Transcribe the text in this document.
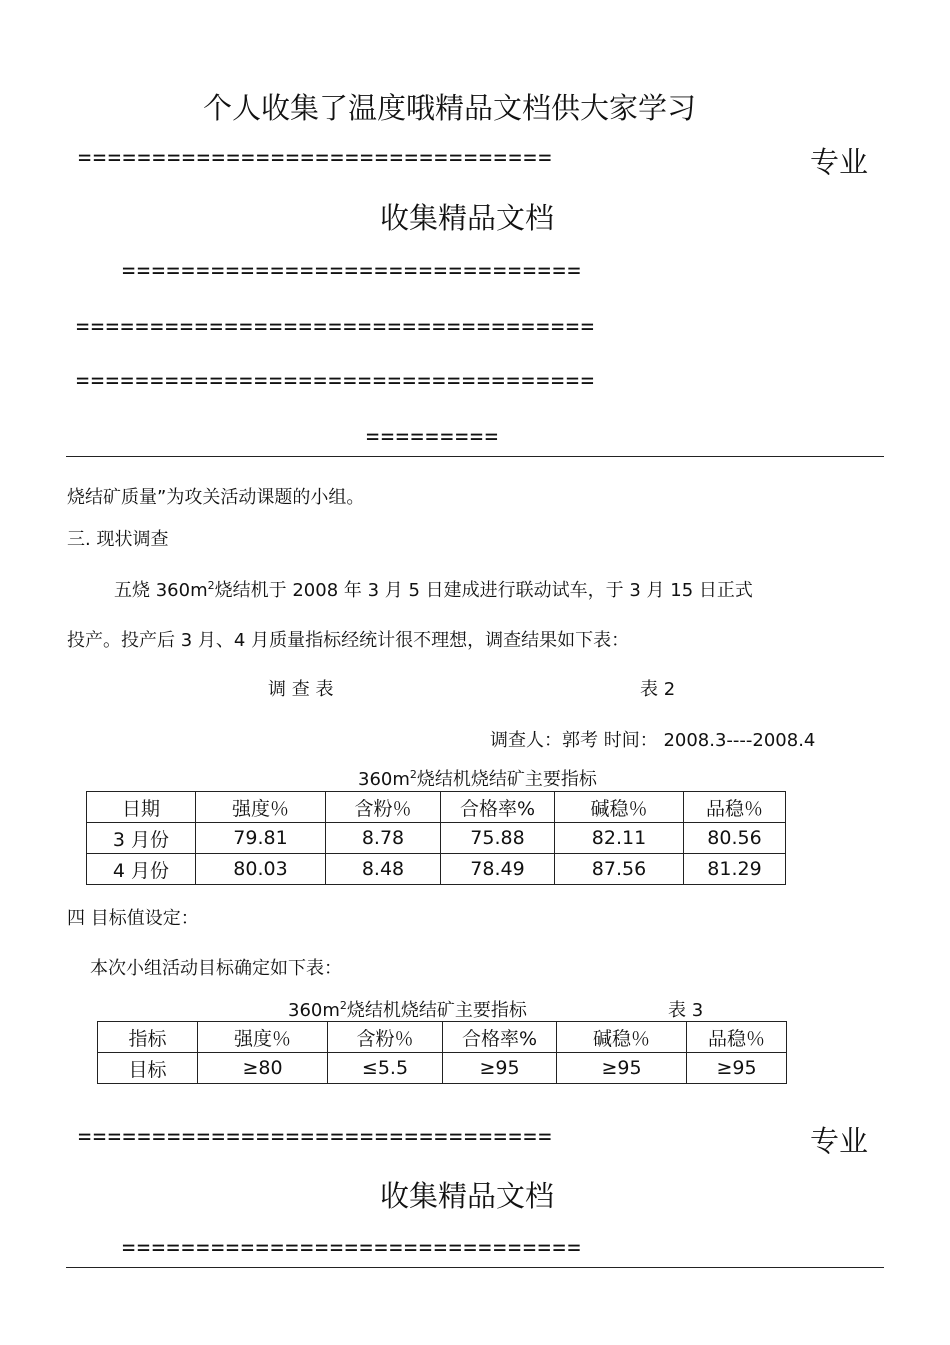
个人收集了温度哦精品文档供大家学习
================================	专业
收集精品文档
===============================
===================================
===================================
=========
烧结矿质量”为攻关活动课题的小组。
三. 现状调查
五烧 $360m^2$烧结机于 2008 年 3 月 5 日建成进行联动试车，于 3 月 15 日正式
投产。投产后 3 月、4 月质量指标经统计很不理想，调查结果如下表：
调 查 表	表 2
调查人：郭考 时间： 2008.3----2008.4
$360m^2$烧结机烧结矿主要指标
日期	强度％	含粉％	合格率%	碱稳％	品稳％
3 月份	79.81	8.78	75.88	82.11	80.56
4 月份	80.03	8.48	78.49	87.56	81.29
四 目标值设定：
本次小组活动目标确定如下表：
$360m^2$烧结机烧结矿主要指标	表 3
指标	强度％	含粉％	合格率%	碱稳％	品稳％
目标	≥80	≤5.5	≥95	≥95	≥95
================================	专业
收集精品文档
===============================
